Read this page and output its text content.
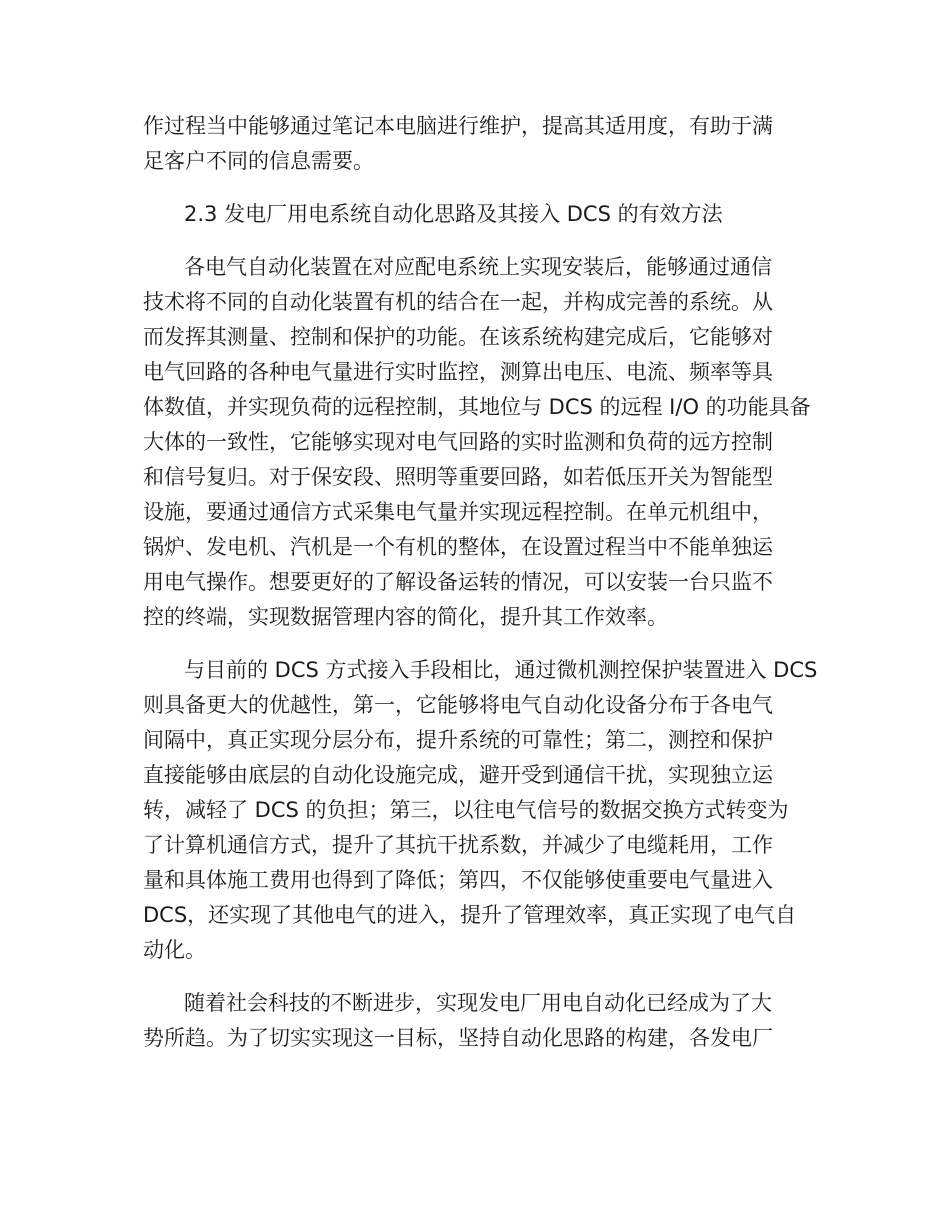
作过程当中能够通过笔记本电脑进行维护，提高其适用度，有助于满

足客户不同的信息需要。

2.3 发电厂用电系统自动化思路及其接入 DCS 的有效方法

各电气自动化装置在对应配电系统上实现安装后，能够通过通信

技术将不同的自动化装置有机的结合在一起，并构成完善的系统。从

而发挥其测量、控制和保护的功能。在该系统构建完成后，它能够对

电气回路的各种电气量进行实时监控，测算出电压、电流、频率等具

体数值，并实现负荷的远程控制，其地位与 DCS 的远程 I/O 的功能具备

大体的一致性，它能够实现对电气回路的实时监测和负荷的远方控制

和信号复归。对于保安段、照明等重要回路，如若低压开关为智能型

设施，要通过通信方式采集电气量并实现远程控制。在单元机组中，

锅炉、发电机、汽机是一个有机的整体，在设置过程当中不能单独运

用电气操作。想要更好的了解设备运转的情况，可以安装一台只监不

控的终端，实现数据管理内容的简化，提升其工作效率。

与目前的 DCS 方式接入手段相比，通过微机测控保护装置进入 DCS

则具备更大的优越性，第一，它能够将电气自动化设备分布于各电气

间隔中，真正实现分层分布，提升系统的可靠性；第二，测控和保护

直接能够由底层的自动化设施完成，避开受到通信干扰，实现独立运

转，减轻了 DCS 的负担；第三，以往电气信号的数据交换方式转变为

了计算机通信方式，提升了其抗干扰系数，并减少了电缆耗用，工作

量和具体施工费用也得到了降低；第四，不仅能够使重要电气量进入

DCS，还实现了其他电气的进入，提升了管理效率，真正实现了电气自

动化。

随着社会科技的不断进步，实现发电厂用电自动化已经成为了大

势所趋。为了切实实现这一目标，坚持自动化思路的构建，各发电厂
